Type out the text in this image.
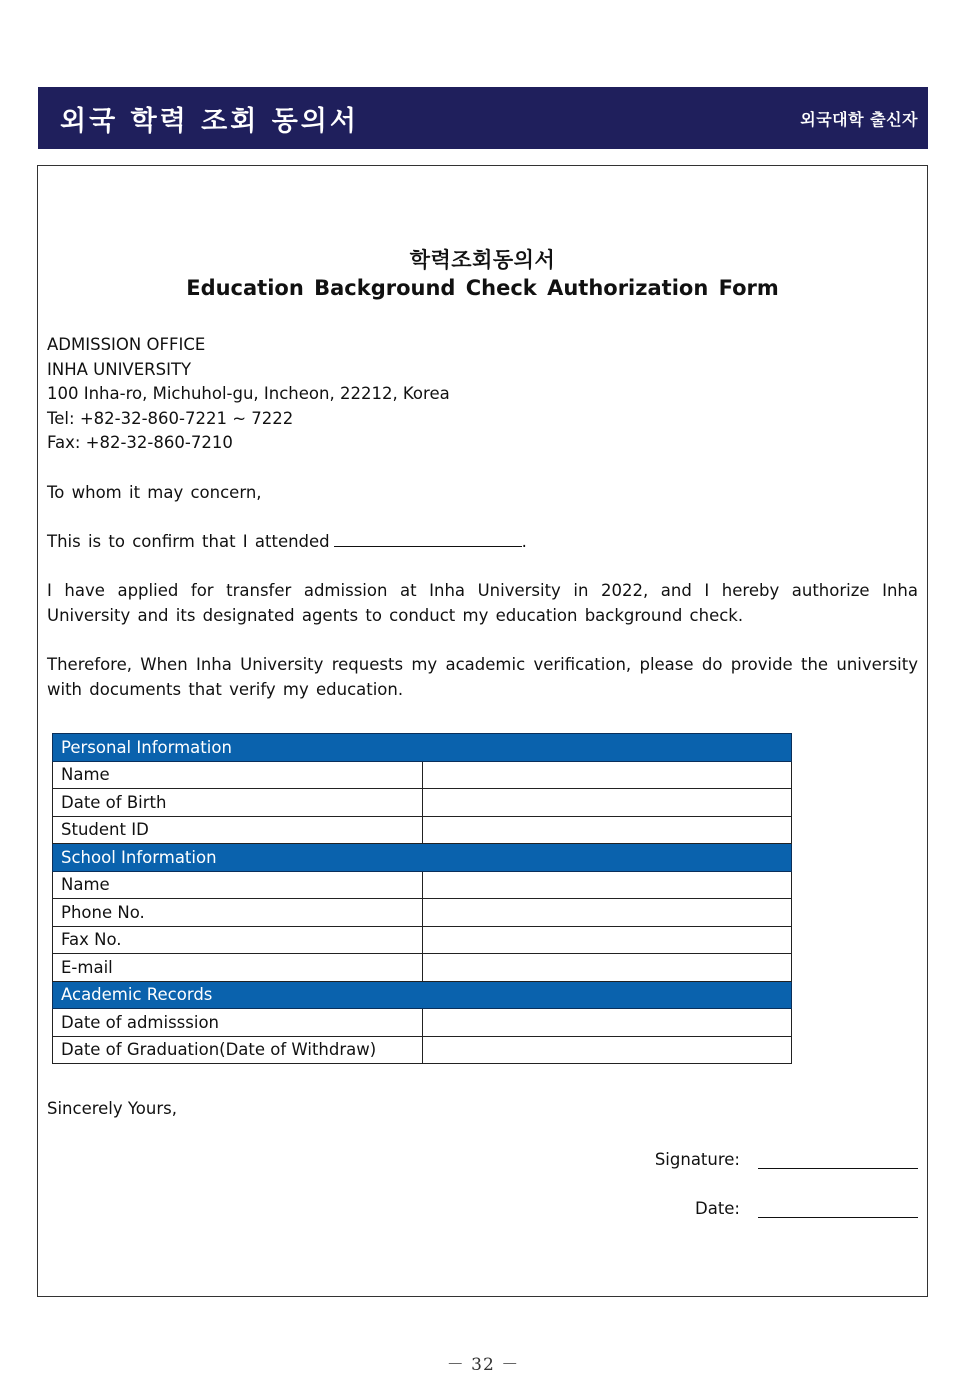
외국 학력 조회 동의서	외국대학 출신자
학력조회동의서
Education Background Check Authorization Form
ADMISSION OFFICE
INHA UNIVERSITY
100 Inha-ro, Michuhol-gu, Incheon, 22212, Korea
Tel: +82-32-860-7221 ~ 7222
Fax: +82-32-860-7210
To whom it may concern,
This is to confirm that I attended	.
I have applied for transfer admission at Inha University in 2022, and I hereby authorize Inha University and its designated agents to conduct my education background check.
Therefore, When Inha University requests my academic verification, please do provide the university with documents that verify my education.
Personal Information	
Name	
Date of Birth	
Student ID	
School Information	
Name	
Phone No.	
Fax No.	
E-mail	
Academic Records	
Date of admisssion	
Date of Graduation(Date of Withdraw)	
Sincerely Yours,
Signature:
Date:
－ 32 －
